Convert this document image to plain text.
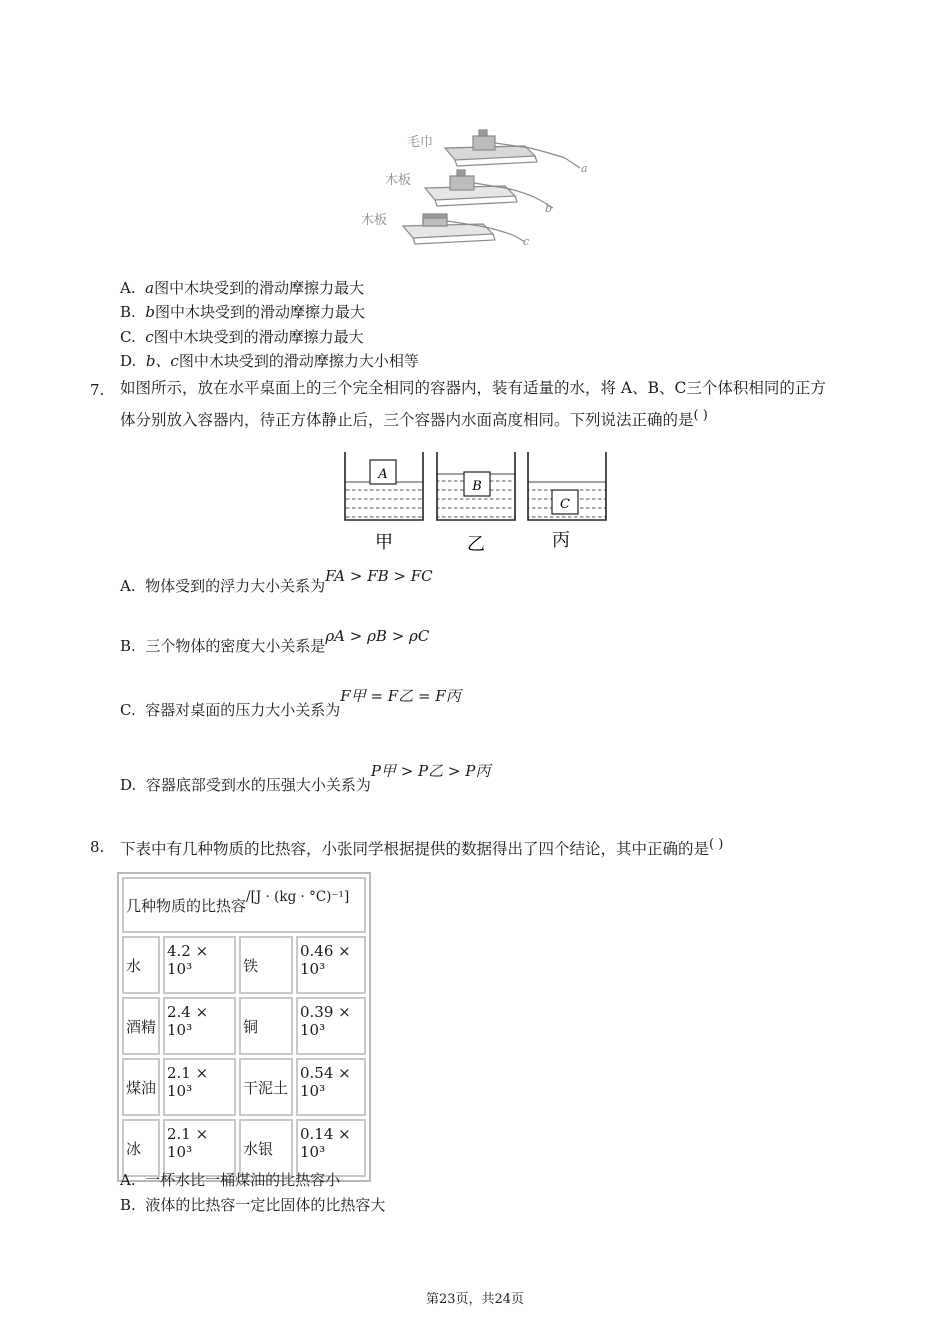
毛巾
木板
木板
a
b
c
A. a图中木块受到的滑动摩擦力最大
B. b图中木块受到的滑动摩擦力最大
C. c图中木块受到的滑动摩擦力最大
D. b、c图中木块受到的滑动摩擦力大小相等
7. 如图所示，放在水平桌面上的三个完全相同的容器内，装有适量的水，将 A、B、C三个体积相同的正方
体分别放入容器内，待正方体静止后，三个容器内水面高度相同。下列说法正确的是( )
A
甲
B
乙
C
丙
A. 物体受到的浮力大小关系为FA > FB > FC
B. 三个物体的密度大小关系是ρA > ρB > ρC
C. 容器对桌面的压力大小关系为F甲 = F乙 = F丙
D. 容器底部受到水的压强大小关系为P甲 > P乙 > P丙
8. 下表中有几种物质的比热容，小张同学根据提供的数据得出了四个结论，其中正确的是( )
几种物质的比热容/[J · (kg · °C)⁻¹]			
水	4.2 × 10³	铁	0.46 × 10³
酒精	2.4 × 10³	铜	0.39 × 10³
煤油	2.1 × 10³	干泥土	0.54 × 10³
冰	2.1 × 10³	水银	0.14 × 10³
A. 一杯水比一桶煤油的比热容小
B. 液体的比热容一定比固体的比热容大
第23页，共24页
